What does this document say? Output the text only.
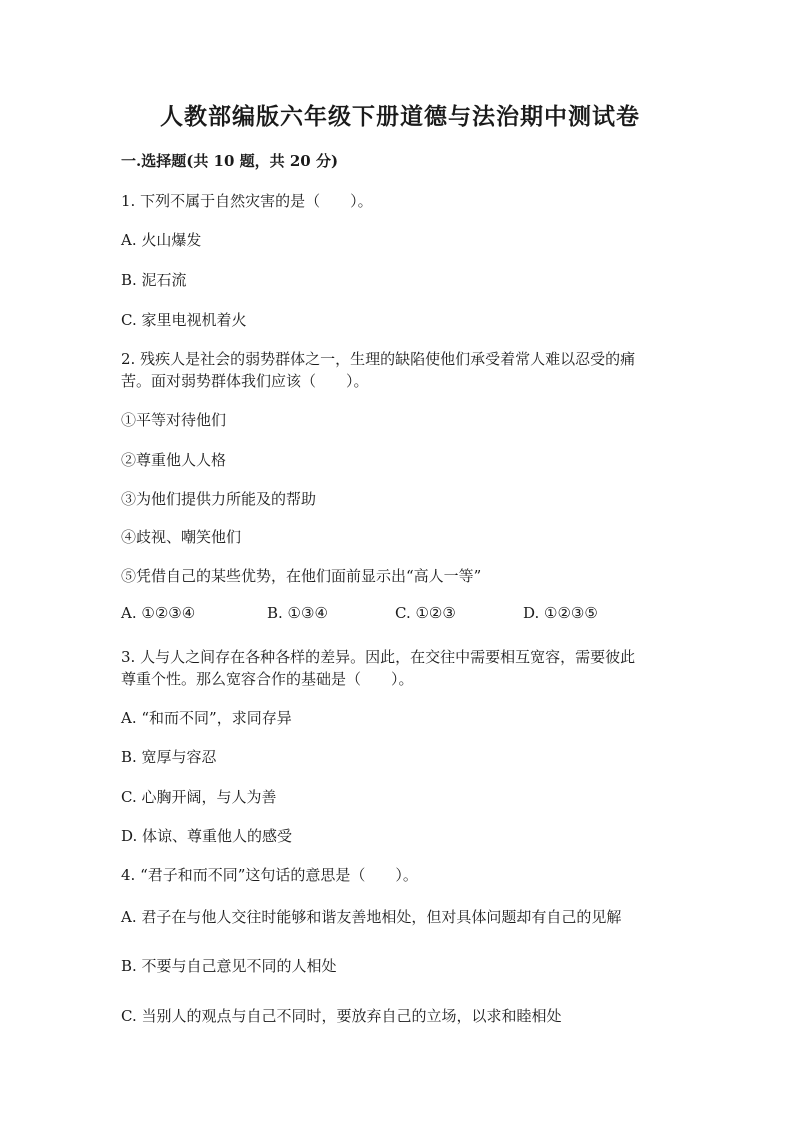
人教部编版六年级下册道德与法治期中测试卷
一.选择题(共 10 题，共 20 分)
1. 下列不属于自然灾害的是（　　）。
A. 火山爆发
B. 泥石流
C. 家里电视机着火
2. 残疾人是社会的弱势群体之一，生理的缺陷使他们承受着常人难以忍受的痛
苦。面对弱势群体我们应该（　　）。
①平等对待他们
②尊重他人人格
③为他们提供力所能及的帮助
④歧视、嘲笑他们
⑤凭借自己的某些优势，在他们面前显示出“高人一等”
A. ①②③④	B. ①③④	C. ①②③	D. ①②③⑤
3. 人与人之间存在各种各样的差异。因此，在交往中需要相互宽容，需要彼此
尊重个性。那么宽容合作的基础是（　　）。
A. “和而不同”，求同存异
B. 宽厚与容忍
C. 心胸开阔，与人为善
D. 体谅、尊重他人的感受
4. “君子和而不同”这句话的意思是（　　）。
A. 君子在与他人交往时能够和谐友善地相处，但对具体问题却有自己的见解
B. 不要与自己意见不同的人相处
C. 当别人的观点与自己不同时，要放弃自己的立场，以求和睦相处
